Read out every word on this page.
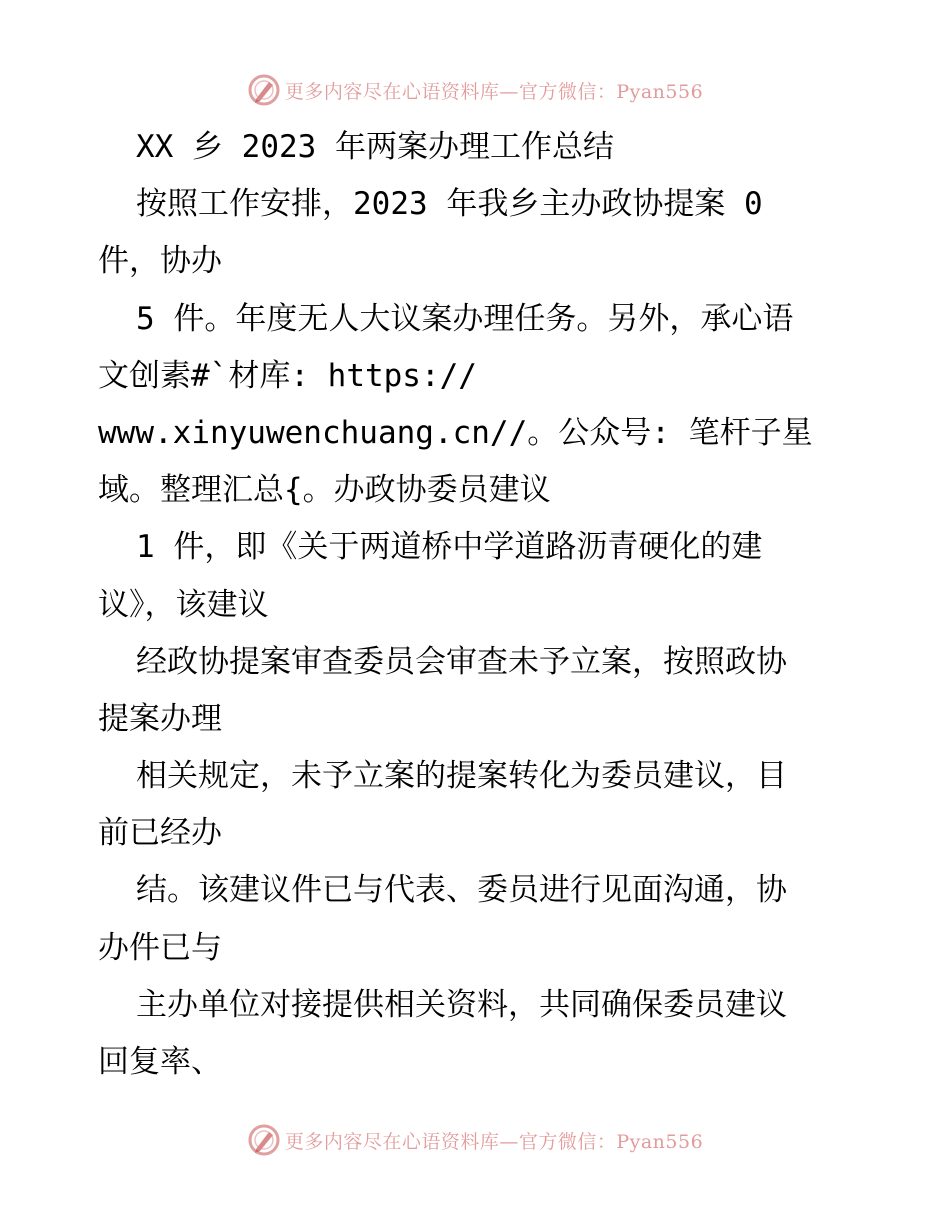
更多内容尽在心语资料库—官方微信：Pyan556
XX 乡 2023 年两案办理工作总结
按照工作安排，2023 年我乡主办政协提案 0
件，协办
5 件。年度无人大议案办理任务。另外，承心语
文创素#`材库: https://
www.xinyuwenchuang.cn//。公众号: 笔杆子星
域。整理汇总{。办政协委员建议
1 件，即《关于两道桥中学道路沥青硬化的建
议》，该建议
经政协提案审查委员会审查未予立案，按照政协
提案办理
相关规定，未予立案的提案转化为委员建议，目
前已经办
结。该建议件已与代表、委员进行见面沟通，协
办件已与
主办单位对接提供相关资料，共同确保委员建议
回复率、
更多内容尽在心语资料库—官方微信：Pyan556
